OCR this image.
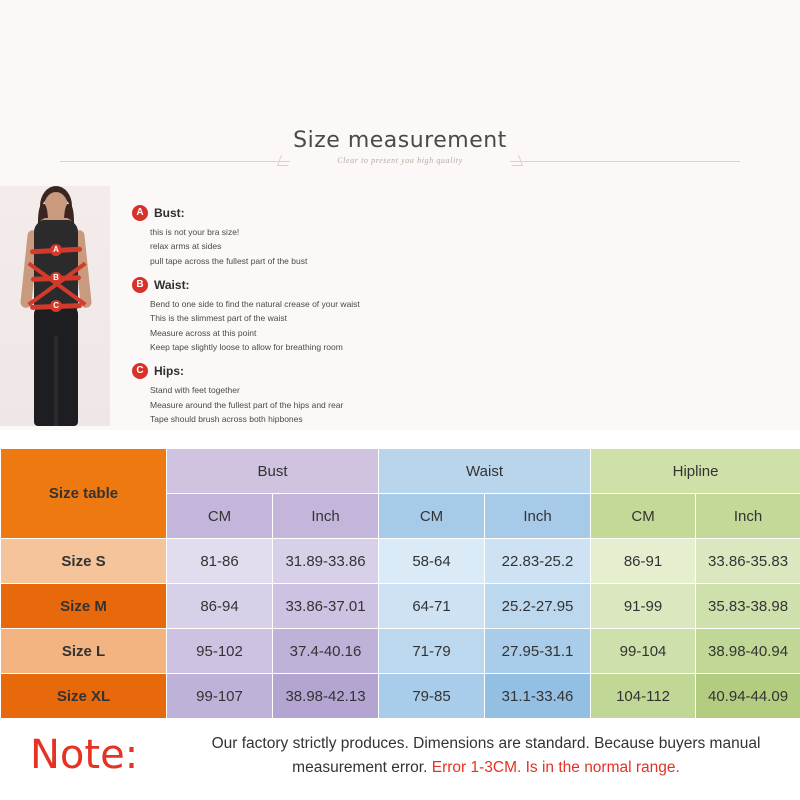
Size measurement
Clear to present you high quality
A
B
C
A Bust:

this is not your bra size!

relax arms at sides

pull tape across the fullest part of the bust

B Waist:

Bend to one side to find the natural crease of your waist

This is the slimmest part of the waist

Measure across at this point

Keep tape slightly loose to allow for breathing room

C Hips:

Stand with feet together

Measure around the fullest part of the hips and rear

Tape should brush across both hipbones

Size table	Bust		Waist		Hipline	
	CM	Inch	CM	Inch	CM	Inch
Size S	81-86	31.89-33.86	58-64	22.83-25.2	86-91	33.86-35.83
Size M	86-94	33.86-37.01	64-71	25.2-27.95	91-99	35.83-38.98
Size L	95-102	37.4-40.16	71-79	27.95-31.1	99-104	38.98-40.94
Size XL	99-107	38.98-42.13	79-85	31.1-33.46	104-112	40.94-44.09
Note:	Our factory strictly produces. Dimensions are standard. Because buyers manual measurement error. Error 1-3CM. Is in the normal range.
